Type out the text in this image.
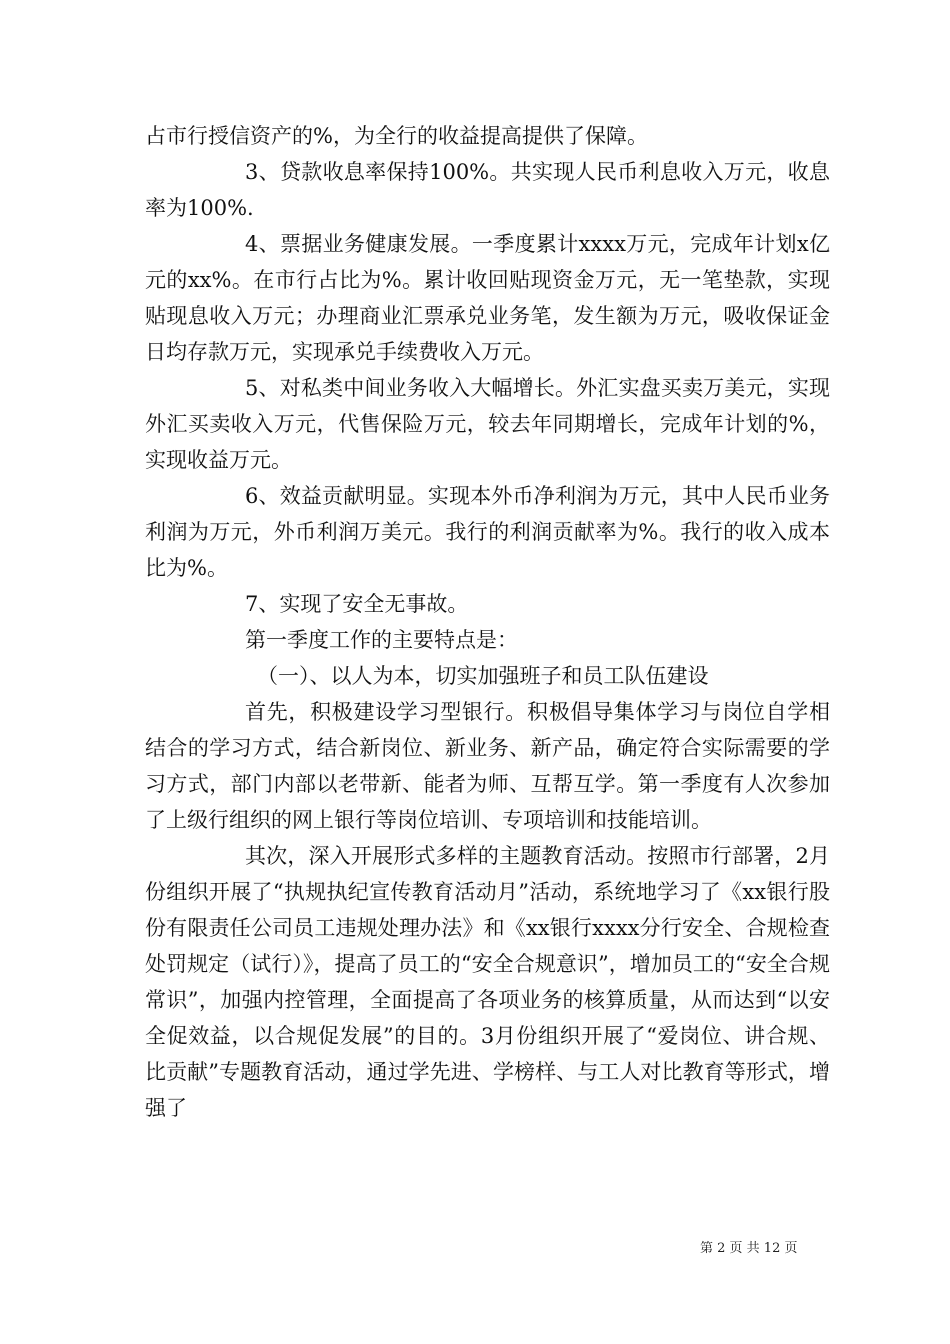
占市行授信资产的%，为全行的收益提高提供了保障。

3、贷款收息率保持100%。共实现人民币利息收入万元，收息率为100%.

4、票据业务健康发展。一季度累计xxxx万元，完成年计划x亿元的xx%。在市行占比为%。累计收回贴现资金万元，无一笔垫款，实现贴现息收入万元；办理商业汇票承兑业务笔，发生额为万元，吸收保证金日均存款万元，实现承兑手续费收入万元。

5、对私类中间业务收入大幅增长。外汇实盘买卖万美元，实现外汇买卖收入万元，代售保险万元，较去年同期增长，完成年计划的%，实现收益万元。

6、效益贡献明显。实现本外币净利润为万元，其中人民币业务利润为万元，外币利润万美元。我行的利润贡献率为%。我行的收入成本比为%。

7、实现了安全无事故。

第一季度工作的主要特点是：

（一）、以人为本，切实加强班子和员工队伍建设

首先，积极建设学习型银行。积极倡导集体学习与岗位自学相结合的学习方式，结合新岗位、新业务、新产品，确定符合实际需要的学习方式，部门内部以老带新、能者为师、互帮互学。第一季度有人次参加了上级行组织的网上银行等岗位培训、专项培训和技能培训。

其次，深入开展形式多样的主题教育活动。按照市行部署，2月份组织开展了“执规执纪宣传教育活动月”活动，系统地学习了《xx银行股份有限责任公司员工违规处理办法》和《xx银行xxxx分行安全、合规检查处罚规定（试行）》，提高了员工的“安全合规意识”，增加员工的“安全合规常识”，加强内控管理，全面提高了各项业务的核算质量，从而达到“以安全促效益，以合规促发展”的目的。3月份组织开展了“爱岗位、讲合规、比贡献”专题教育活动，通过学先进、学榜样、与工人对比教育等形式，增强了

第 2 页 共 12 页
